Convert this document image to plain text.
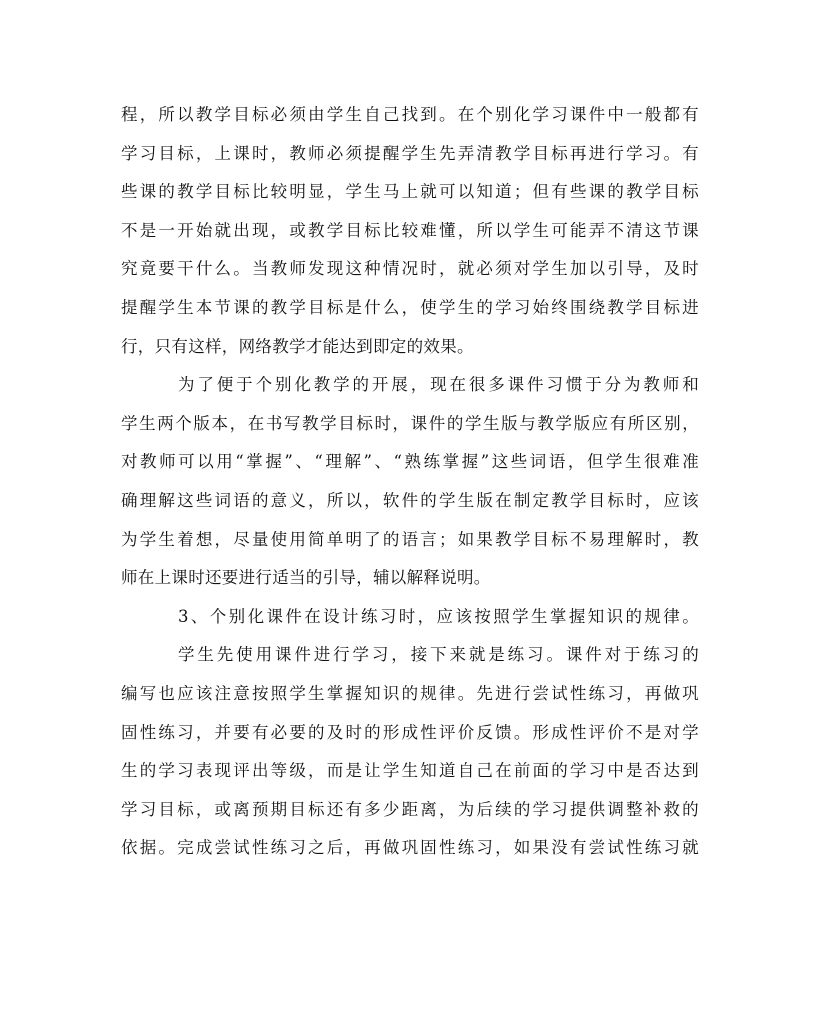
程，所以教学目标必须由学生自己找到。在个别化学习课件中一般都有
学习目标，上课时，教师必须提醒学生先弄清教学目标再进行学习。有
些课的教学目标比较明显，学生马上就可以知道；但有些课的教学目标
不是一开始就出现，或教学目标比较难懂，所以学生可能弄不清这节课
究竟要干什么。当教师发现这种情况时，就必须对学生加以引导，及时
提醒学生本节课的教学目标是什么，使学生的学习始终围绕教学目标进
行，只有这样，网络教学才能达到即定的效果。
为了便于个别化教学的开展，现在很多课件习惯于分为教师和
学生两个版本，在书写教学目标时，课件的学生版与教学版应有所区别，
对教师可以用“掌握”、“理解”、“熟练掌握”这些词语，但学生很难准
确理解这些词语的意义，所以，软件的学生版在制定教学目标时，应该
为学生着想，尽量使用简单明了的语言；如果教学目标不易理解时，教
师在上课时还要进行适当的引导，辅以解释说明。
3、个别化课件在设计练习时，应该按照学生掌握知识的规律。
学生先使用课件进行学习，接下来就是练习。课件对于练习的
编写也应该注意按照学生掌握知识的规律。先进行尝试性练习，再做巩
固性练习，并要有必要的及时的形成性评价反馈。形成性评价不是对学
生的学习表现评出等级，而是让学生知道自己在前面的学习中是否达到
学习目标，或离预期目标还有多少距离，为后续的学习提供调整补救的
依据。完成尝试性练习之后，再做巩固性练习，如果没有尝试性练习就
